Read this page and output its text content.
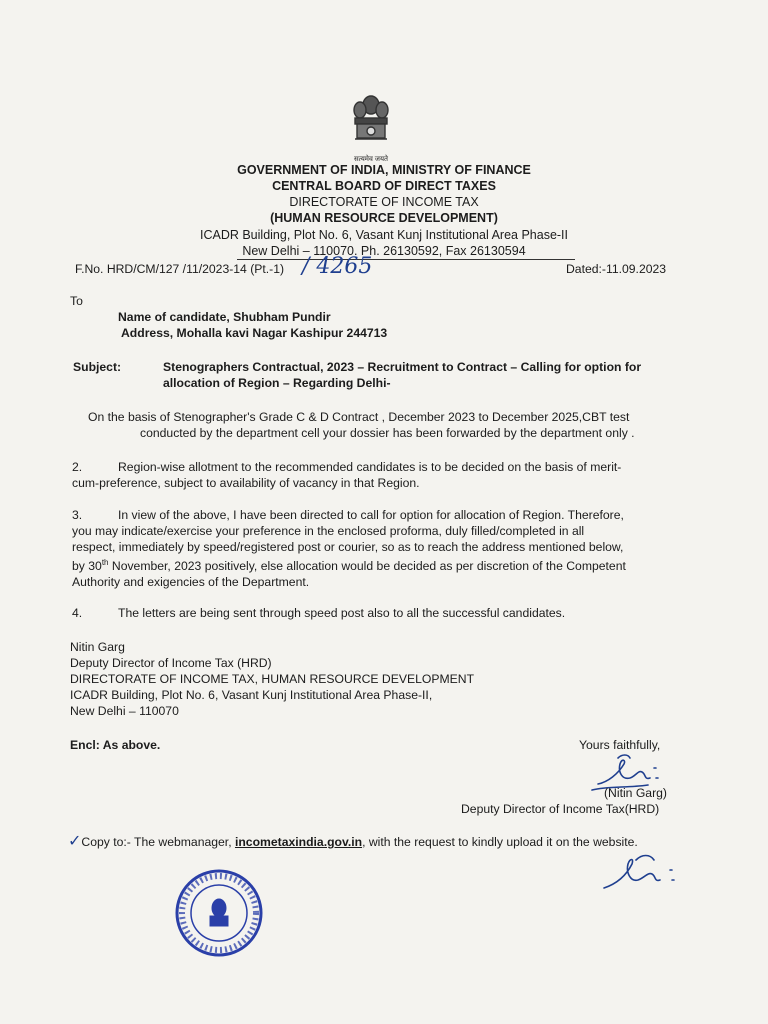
सत्यमेव जयते
GOVERNMENT OF INDIA, MINISTRY OF FINANCE
CENTRAL BOARD OF DIRECT TAXES
DIRECTORATE OF INCOME TAX
(HUMAN RESOURCE DEVELOPMENT)
ICADR Building, Plot No. 6, Vasant Kunj Institutional Area Phase-II
New Delhi – 110070. Ph. 26130592, Fax 26130594
F.No. HRD/CM/127 /11/2023-14 (Pt.-1) / 4265	Dated:-11.09.2023
To
Name of candidate, Shubham Pundir
Address, Mohalla kavi Nagar Kashipur 244713
Subject:	Stenographers Contractual, 2023 – Recruitment to Contract – Calling for option for
allocation of Region – Regarding Delhi-
On the basis of Stenographer's Grade C & D Contract , December 2023 to December 2025,CBT test
conducted by the department cell your dossier has been forwarded by the department only .
2.	Region-wise allotment to the recommended candidates is to be decided on the basis of merit-
cum-preference, subject to availability of vacancy in that Region.
3.	In view of the above, I have been directed to call for option for allocation of Region. Therefore,
you may indicate/exercise your preference in the enclosed proforma, duly filled/completed in all
respect, immediately by speed/registered post or courier, so as to reach the address mentioned below,
by 30th November, 2023 positively, else allocation would be decided as per discretion of the Competent
Authority and exigencies of the Department.
4.	The letters are being sent through speed post also to all the successful candidates.
Nitin Garg
Deputy Director of Income Tax (HRD)
DIRECTORATE OF INCOME TAX, HUMAN RESOURCE DEVELOPMENT
ICADR Building, Plot No. 6, Vasant Kunj Institutional Area Phase-II,
New Delhi – 110070
Encl: As above.	Yours faithfully,
(Nitin Garg)
Deputy Director of Income Tax(HRD)
✓Copy to:- The webmanager, incometaxindia.gov.in, with the request to kindly upload it on the website.
